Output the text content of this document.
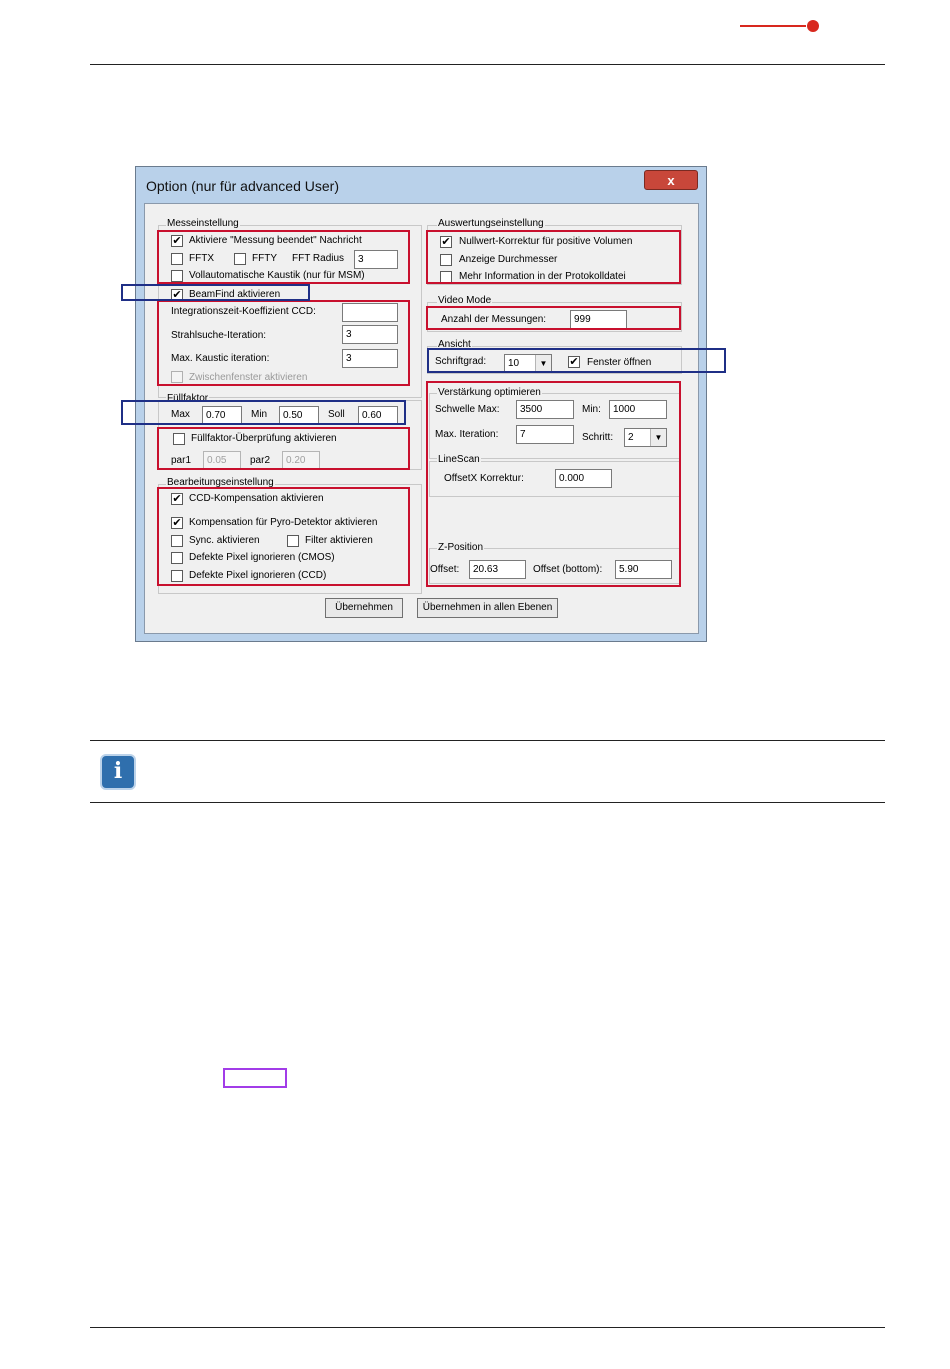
Option (nur für advanced User)	x
Messeinstellung
✔ Aktiviere "Messung beendet" Nachricht
FFTX	FFTY FFT Radius	3
Vollautomatische Kaustik (nur für MSM)
✔ BeamFind aktivieren
Integrationszeit-Koeffizient CCD:
Strahlsuche-Iteration:	3
Max. Kaustic iteration:	3
Zwischenfenster aktivieren
Füllfaktor
Max	0.70	Min	0.50	Soll	0.60
Füllfaktor-Überprüfung aktivieren
par1	0.05	par2	0.20
Bearbeitungseinstellung
✔ CCD-Kompensation aktivieren
✔ Kompensation für Pyro-Detektor aktivieren
Sync. aktivieren	Filter aktivieren
Defekte Pixel ignorieren (CMOS)
Defekte Pixel ignorieren (CCD)
Auswertungseinstellung
✔ Nullwert-Korrektur für positive Volumen
Anzeige Durchmesser
Mehr Information in der Protokolldatei
Video Mode
Anzahl der Messungen:	999
Ansicht
Schriftgrad:	10	▼	✔ Fenster öffnen
Verstärkung optimieren
Schwelle Max:	3500	Min:	1000
Max. Iteration:	7	Schritt:	2	▼
LineScan
OffsetX Korrektur:	0.000
Z-Position
Offset:	20.63	Offset (bottom):	5.90
Übernehmen	Übernehmen in allen Ebenen
i
